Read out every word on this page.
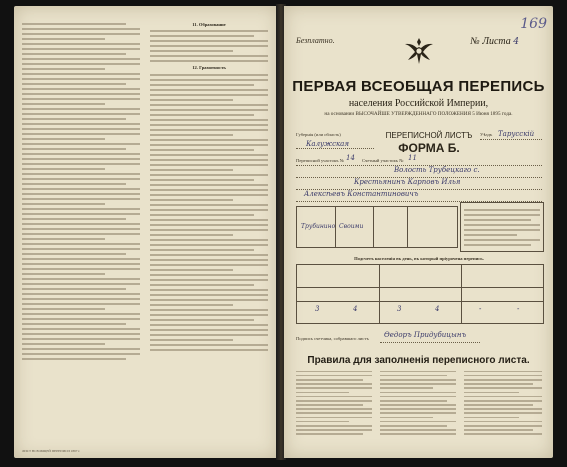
11. Образование
12. Грамотность
ЛИСТ ВСЕОБЩЕЙ ПЕРЕПИСИ 1897 г.
169
Безплатно.	№ Листа 4
ПЕРВАЯ ВСЕОБЩАЯ ПЕРЕПИСЬ
населения Российской Империи,
на основании ВЫСОЧАЙШЕ УТВЕРЖДЕННАГО ПОЛОЖЕНИЯ 5 Июня 1895 года.
Губернія (или область)
Калужская
ПЕРЕПИСНОЙ ЛИСТЪ
ФОРМА Б.
Уѣздъ Тарусскій
Переписной участокъ № 14 Счетный участокъ № 11
Волость Трубецкаго с.
Крестьянинъ Карповъ Илья
Алексѣевъ Константиновичъ
Трубинино Своими
Подсчетъ населенія въ день, въ который пріурочена перепись.
3	4	3	4	-	-
Подпись счетчика, собравшаго листъ Ѳедоръ Придубицынъ
Правила для заполненія переписного листа.
